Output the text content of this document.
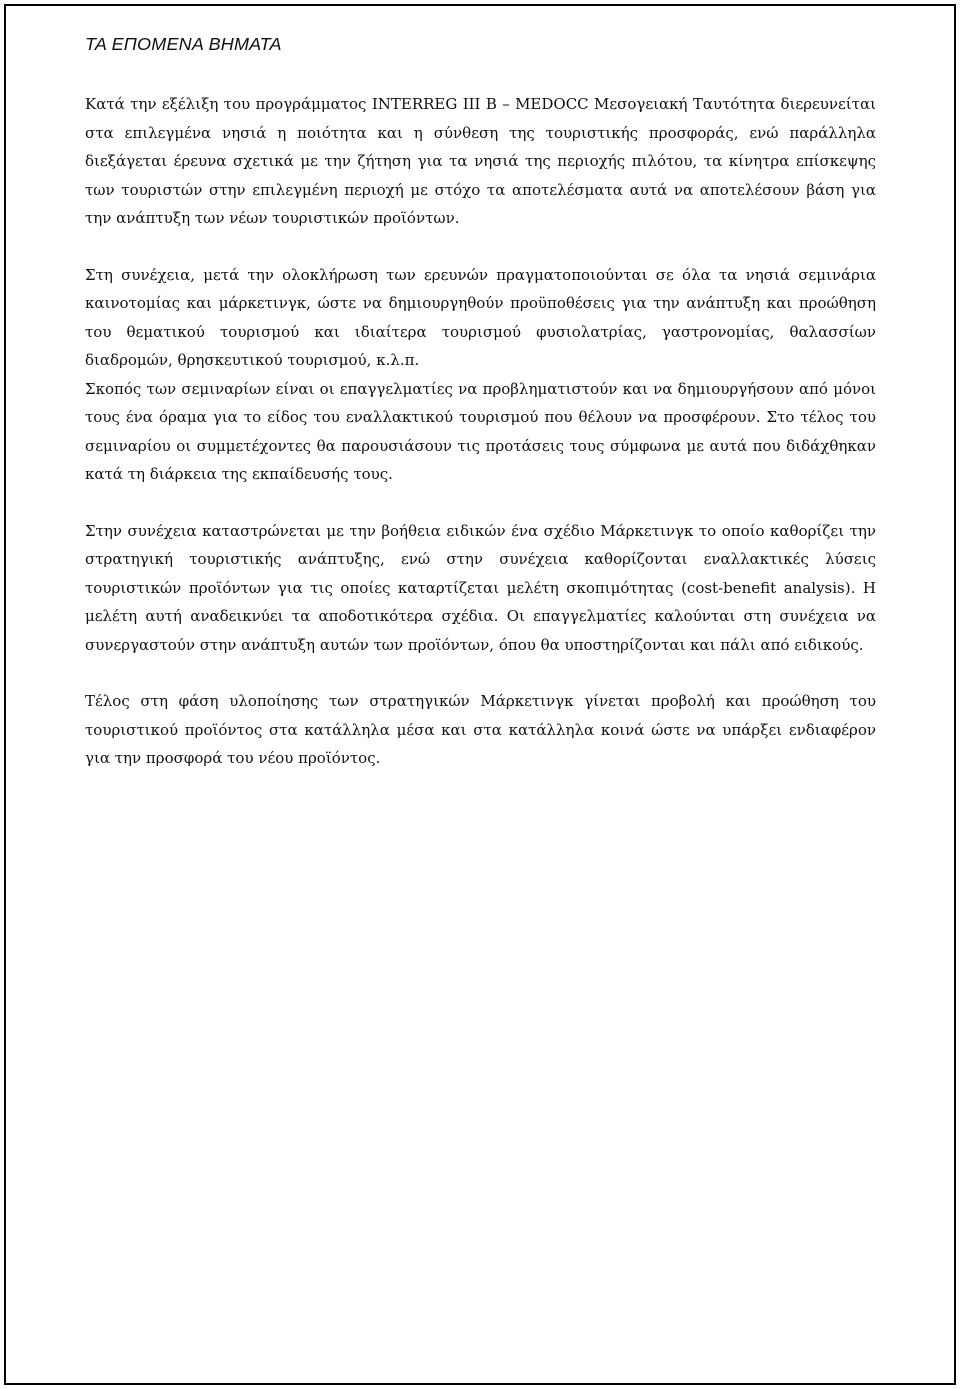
ΤΑ ΕΠΟΜΕΝΑ ΒΗΜΑΤΑ

Κατά την εξέλιξη του προγράμματος INTERREG III B – MEDOCC Μεσογειακή Ταυτότητα διερευνείται στα επιλεγμένα νησιά η ποιότητα και η σύνθεση της τουριστικής προσφοράς, ενώ παράλληλα διεξάγεται έρευνα σχετικά με την ζήτηση για τα νησιά της περιοχής πιλότου, τα κίνητρα επίσκεψης των τουριστών στην επιλεγμένη περιοχή με στόχο τα αποτελέσματα αυτά να αποτελέσουν βάση για την ανάπτυξη των νέων τουριστικών προϊόντων.

Στη συνέχεια, μετά την ολοκλήρωση των ερευνών πραγματοποιούνται σε όλα τα νησιά σεμινάρια καινοτομίας και μάρκετινγκ, ώστε να δημιουργηθούν προϋποθέσεις για την ανάπτυξη και προώθηση του θεματικού τουρισμού και ιδιαίτερα τουρισμού φυσιολατρίας, γαστρονομίας, θαλασσίων διαδρομών, θρησκευτικού τουρισμού, κ.λ.π.

Σκοπός των σεμιναρίων είναι οι επαγγελματίες να προβληματιστούν και να δημιουργήσουν από μόνοι τους ένα όραμα για το είδος του εναλλακτικού τουρισμού που θέλουν να προσφέρουν. Στο τέλος του σεμιναρίου οι συμμετέχοντες θα παρουσιάσουν τις προτάσεις τους σύμφωνα με αυτά που διδάχθηκαν κατά τη διάρκεια της εκπαίδευσής τους.

Στην συνέχεια καταστρώνεται με την βοήθεια ειδικών ένα σχέδιο Μάρκετινγκ το οποίο καθορίζει την στρατηγική τουριστικής ανάπτυξης, ενώ στην συνέχεια καθορίζονται εναλλακτικές λύσεις τουριστικών προϊόντων για τις οποίες καταρτίζεται μελέτη σκοπιμότητας (cost-benefit analysis). Η μελέτη αυτή αναδεικνύει τα αποδοτικότερα σχέδια. Οι επαγγελματίες καλούνται στη συνέχεια να συνεργαστούν στην ανάπτυξη αυτών των προϊόντων, όπου θα υποστηρίζονται και πάλι από ειδικούς.

Τέλος στη φάση υλοποίησης των στρατηγικών Μάρκετινγκ γίνεται προβολή και προώθηση του τουριστικού προϊόντος στα κατάλληλα μέσα και στα κατάλληλα κοινά ώστε να υπάρξει ενδιαφέρον για την προσφορά του νέου προϊόντος.
